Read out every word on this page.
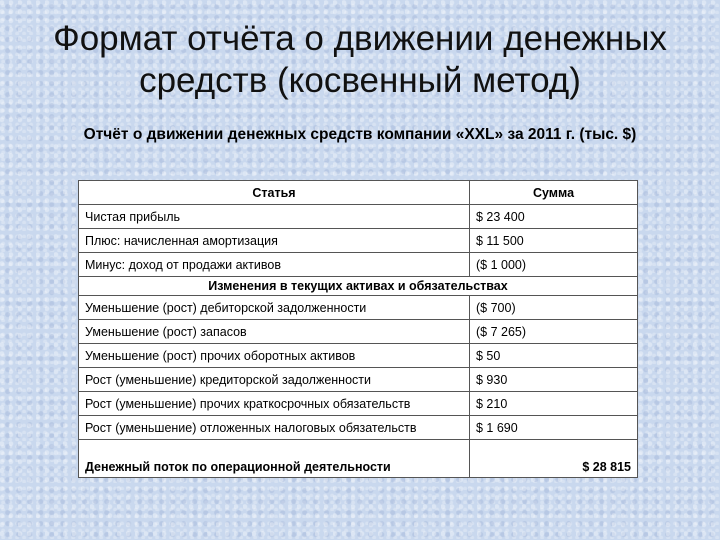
Формат отчёта о движении денежных средств (косвенный метод)
Отчёт о движении денежных средств компании «XXL» за 2011 г. (тыс. $)
Статья	Сумма
Чистая прибыль	$ 23 400
Плюс: начисленная амортизация	$ 11 500
Минус: доход от продажи активов	($ 1 000)
Изменения в текущих активах и обязательствах	
Уменьшение (рост) дебиторской задолженности	($ 700)
Уменьшение (рост) запасов	($ 7 265)
Уменьшение (рост) прочих оборотных активов	$ 50
Рост (уменьшение) кредиторской задолженности	$ 930
Рост (уменьшение) прочих краткосрочных обязательств	$ 210
Рост (уменьшение) отложенных налоговых обязательств	$ 1 690
Денежный поток по операционной деятельности	$ 28 815
